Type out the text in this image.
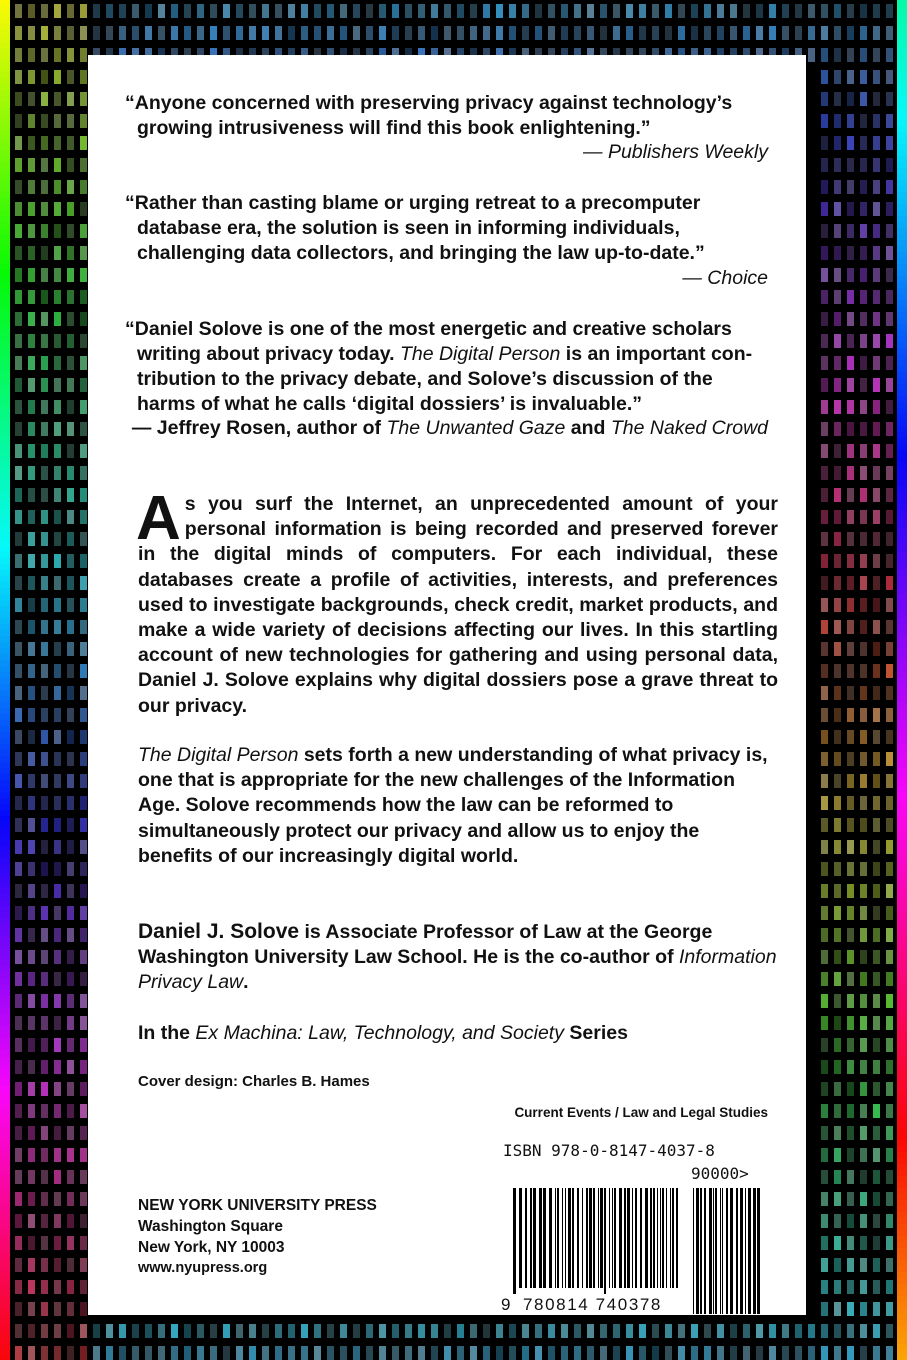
“Anyone concerned with preserving privacy against technology’s
growing intrusiveness will find this book enlightening.”
— Publishers Weekly
“Rather than casting blame or urging retreat to a precomputer
database era, the solution is seen in informing individuals,
challenging data collectors, and bringing the law up-to-date.”
— Choice
“Daniel Solove is one of the most energetic and creative scholars
writing about privacy today. The Digital Person is an important con-
tribution to the privacy debate, and Solove’s discussion of the
harms of what he calls ‘digital dossiers’ is invaluable.”
— Jeffrey Rosen, author of The Unwanted Gaze and The Naked Crowd
As you surf the Internet, an unprecedented amount of your personal information is being recorded and preserved forever in the digital minds of computers. For each individual, these databases create a profile of activities, interests, and preferences used to investigate backgrounds, check credit, market products, and make a wide variety of decisions affecting our lives. In this startling account of new technologies for gathering and using personal data, Daniel J. Solove explains why digital dossiers pose a grave threat to our privacy.
The Digital Person sets forth a new understanding of what privacy is, one that is appropriate for the new challenges of the Information Age. Solove recommends how the law can be reformed to simultaneously protect our privacy and allow us to enjoy the benefits of our increasingly digital world.
Daniel J. Solove is Associate Professor of Law at the George Washington University Law School. He is the co-author of Information Privacy Law.
In the Ex Machina: Law, Technology, and Society Series
Cover design: Charles B. Hames
Current Events / Law and Legal Studies
NEW YORK UNIVERSITY PRESS
Washington Square
New York, NY 10003
www.nyupress.org
ISBN 978-0-8147-4037-8
90000>
9 780814 740378
